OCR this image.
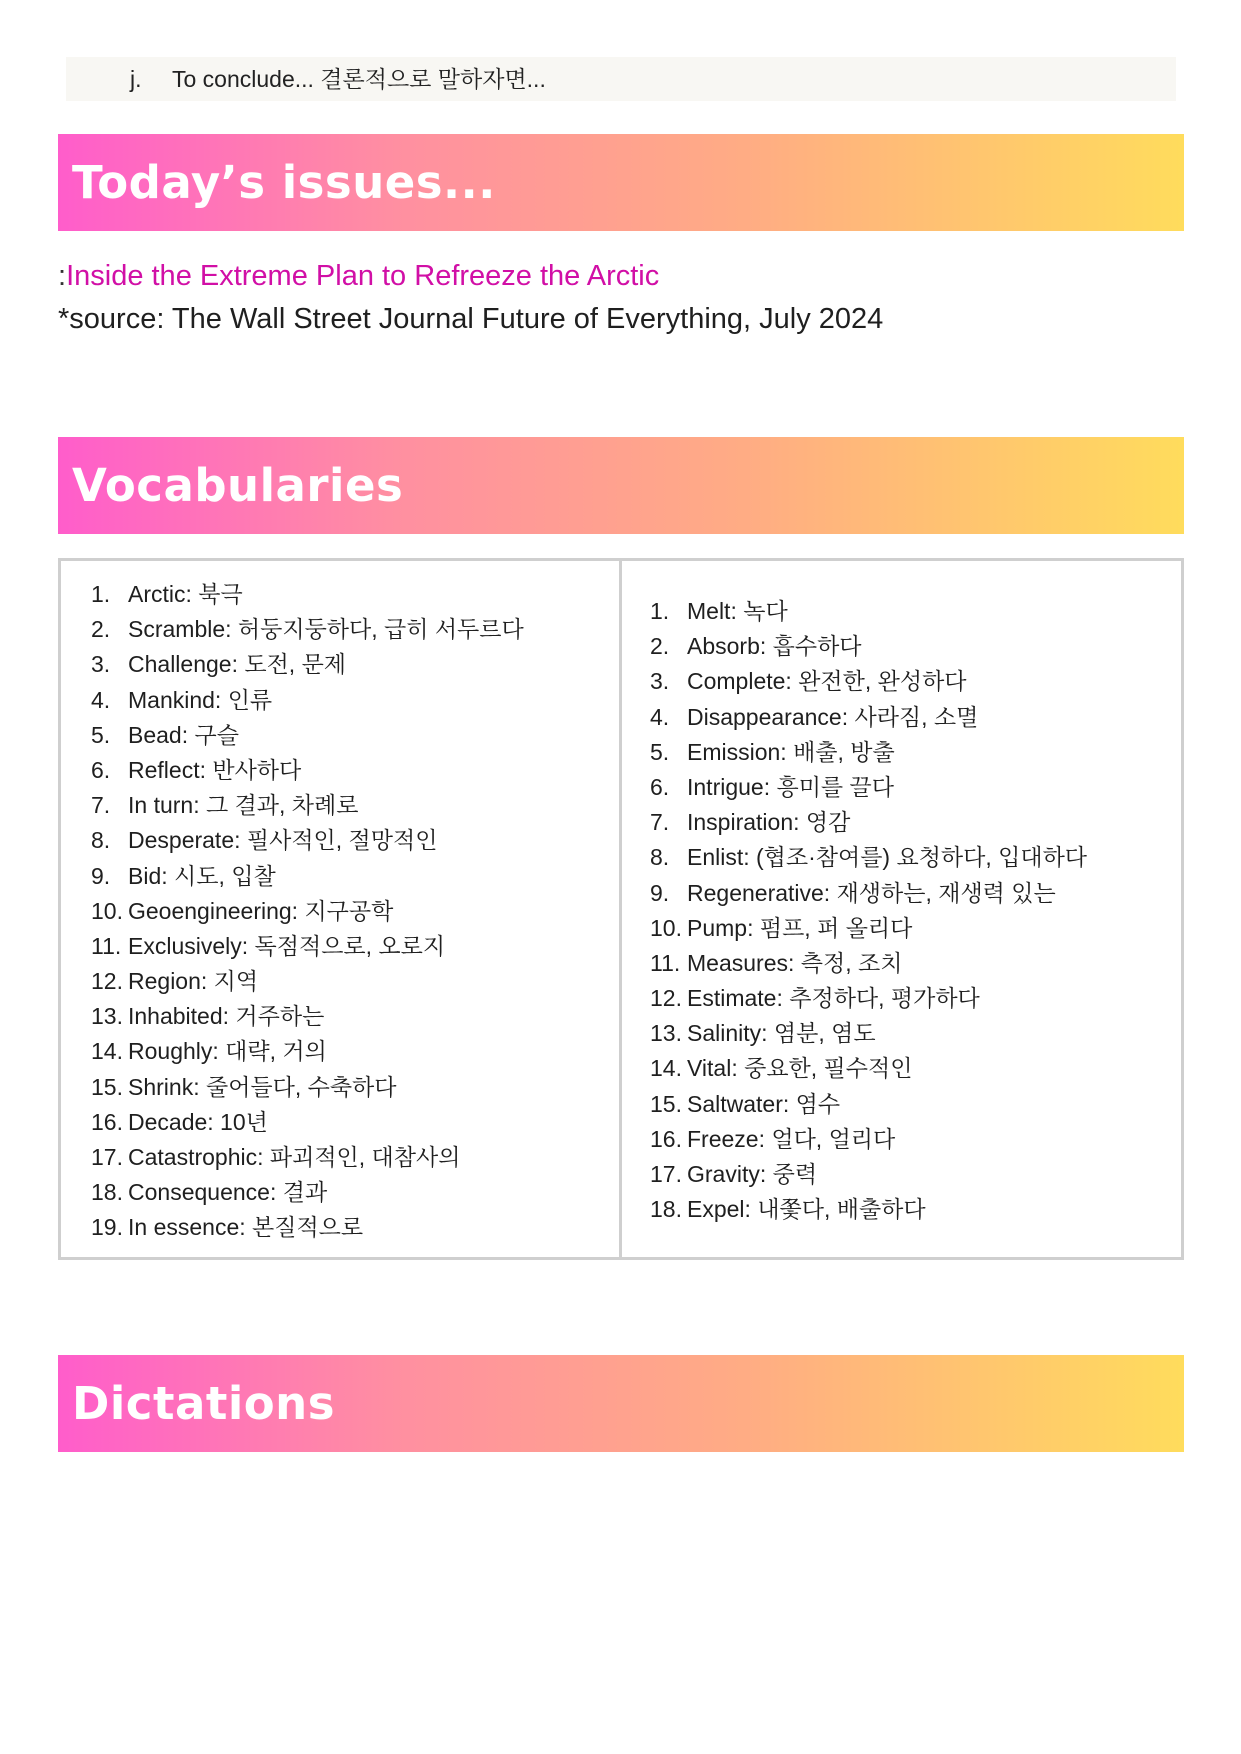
j. To conclude... 결론적으로 말하자면...
Today’s issues...
:Inside the Extreme Plan to Refreeze the Arctic
*source: The Wall Street Journal Future of Everything, July 2024
Vocabularies
1. Arctic: 북극
2. Scramble: 허둥지둥하다, 급히 서두르다
3. Challenge: 도전, 문제
4. Mankind: 인류
5. Bead: 구슬
6. Reflect: 반사하다
7. In turn: 그 결과, 차례로
8. Desperate: 필사적인, 절망적인
9. Bid: 시도, 입찰
10. Geoengineering: 지구공학
11. Exclusively: 독점적으로, 오로지
12. Region: 지역
13. Inhabited: 거주하는
14. Roughly: 대략, 거의
15. Shrink: 줄어들다, 수축하다
16. Decade: 10년
17. Catastrophic: 파괴적인, 대참사의
18. Consequence: 결과
19. In essence: 본질적으로
1. Melt: 녹다
2. Absorb: 흡수하다
3. Complete: 완전한, 완성하다
4. Disappearance: 사라짐, 소멸
5. Emission: 배출, 방출
6. Intrigue: 흥미를 끌다
7. Inspiration: 영감
8. Enlist: (협조·참여를) 요청하다, 입대하다
9. Regenerative: 재생하는, 재생력 있는
10. Pump: 펌프, 퍼 올리다
11. Measures: 측정, 조치
12. Estimate: 추정하다, 평가하다
13. Salinity: 염분, 염도
14. Vital: 중요한, 필수적인
15. Saltwater: 염수
16. Freeze: 얼다, 얼리다
17. Gravity: 중력
18. Expel: 내쫓다, 배출하다
Dictations
